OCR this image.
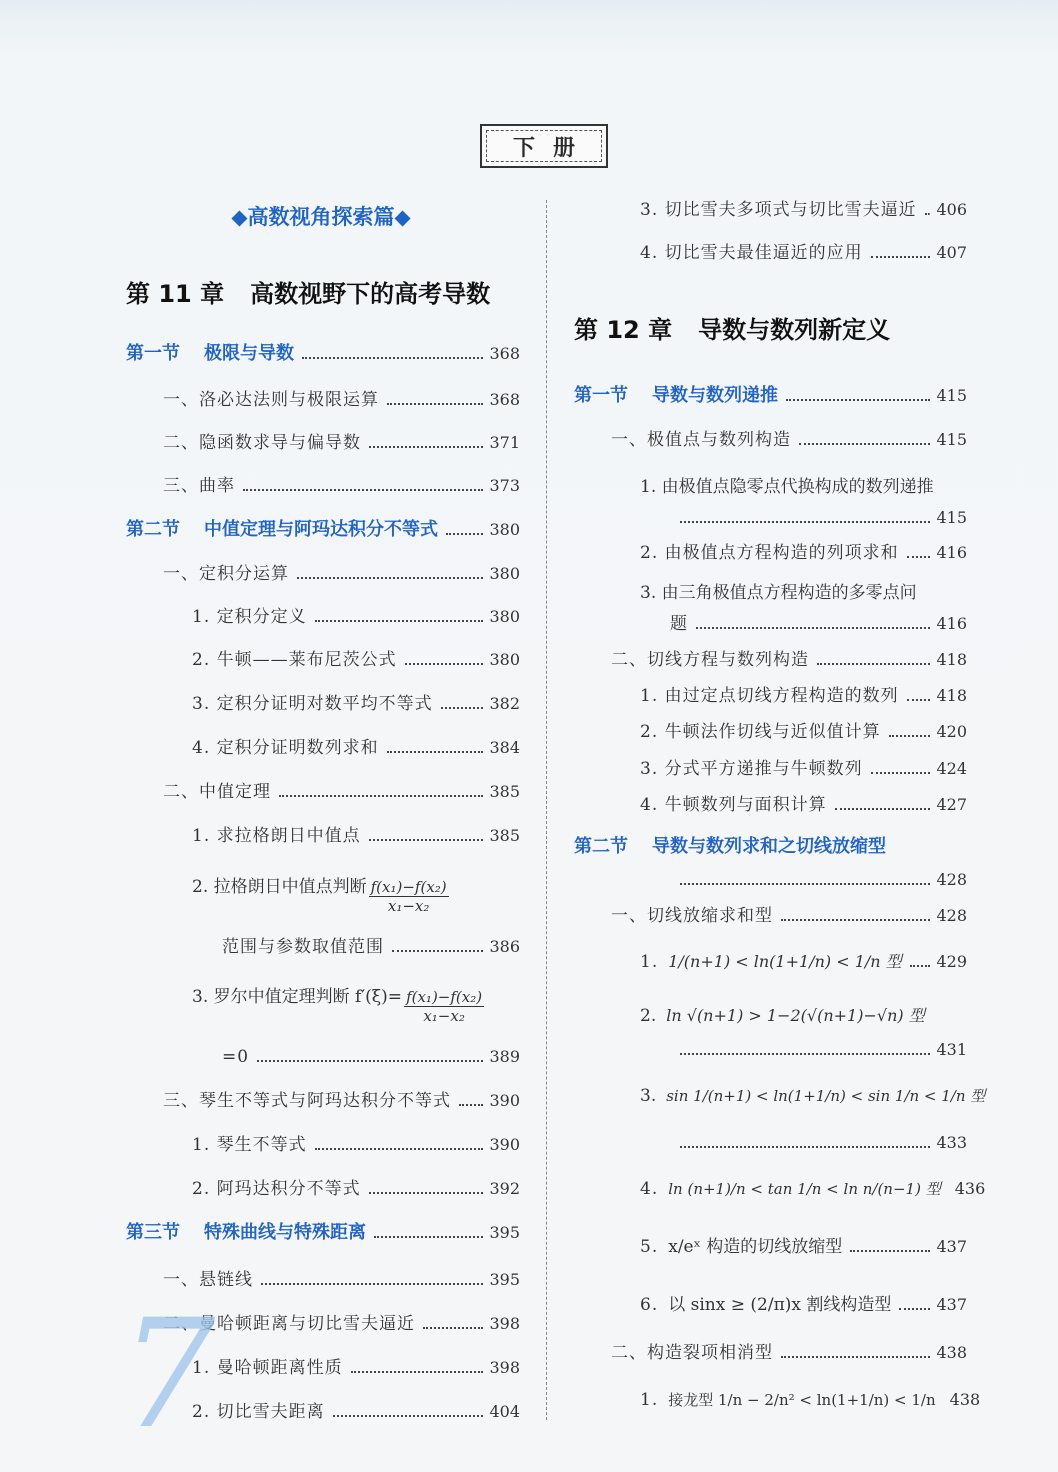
下册
◆高数视角探索篇◆
第 11 章 高数视野下的高考导数
第一节 极限与导数	368
一、洛必达法则与极限运算	368
二、隐函数求导与偏导数	371
三、曲率	373
第二节 中值定理与阿玛达积分不等式	380
一、定积分运算	380
1. 定积分定义	380
2. 牛顿——莱布尼茨公式	380
3. 定积分证明对数平均不等式	382
4. 定积分证明数列求和	384
二、中值定理	385
1. 求拉格朗日中值点	385
2. 拉格朗日中值点判断 $\frac{\text{f(x₁)−f(x₂)}}{\text{x₁−x₂}}$
范围与参数取值范围	386
3. 罗尔中值定理判断 $f'(\xi)= \frac{\text{f(x₁)−f(x₂)}}{\text{x₁−x₂}}$
=0	389
三、琴生不等式与阿玛达积分不等式 390
1. 琴生不等式	390
2. 阿玛达积分不等式	392
第三节 特殊曲线与特殊距离	395
一、悬链线	395
二、曼哈顿距离与切比雪夫逼近	398
1. 曼哈顿距离性质	398
2. 切比雪夫距离	404
7
3. 切比雪夫多项式与切比雪夫逼近 406
4. 切比雪夫最佳逼近的应用	407
第 12 章 导数与数列新定义
第一节 导数与数列递推	415
一、极值点与数列构造	415
1. 由极值点隐零点代换构成的数列递推
415
2. 由极值点方程构造的列项求和 416
3. 由三角极值点方程构造的多零点问
题	416
二、切线方程与数列构造	418
1. 由过定点切线方程构造的数列 418
2. 牛顿法作切线与近似值计算	420
3. 分式平方递推与牛顿数列	424
4. 牛顿数列与面积计算	427
第二节 导数与数列求和之切线放缩型
428
一、切线放缩求和型	428
1. 1/(n+1) < ln(1+1/n) < 1/n 型 429
2. ln √(n+1) > 1−2(√(n+1)−√n) 型
431
3. sin 1/(n+1) < ln(1+1/n) < sin 1/n < 1/n 型
433
4. ln (n+1)/n < tan 1/n < ln n/(n−1) 型 436
5. x/eˣ 构造的切线放缩型	437
6. 以 sinx ≥ (2/π)x 割线构造型	437
二、构造裂项相消型	438
1. 接龙型 1/n − 2/n² < ln(1+1/n) < 1/n 438
